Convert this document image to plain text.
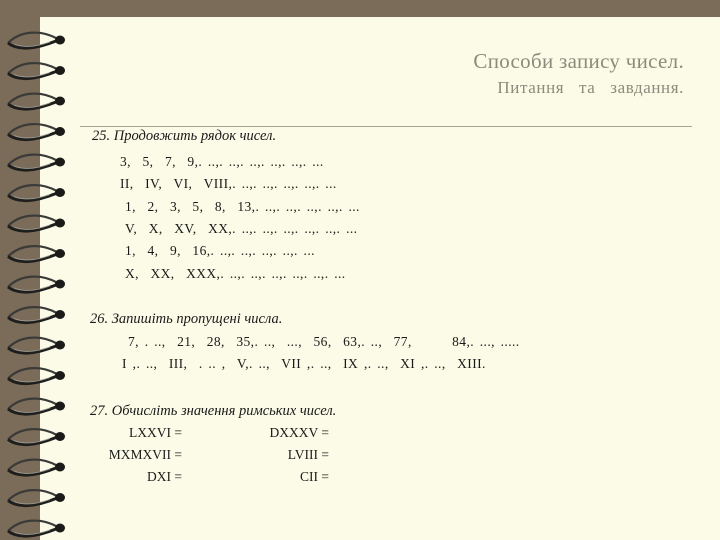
Способи запису чисел.
Питання та завдання.
25. Продовжить рядок чисел.
3,  5,  7,  9,. ..,. ..,. ..,. ..,. ..,. ...
II,  IV,  VI,  VIII,. ..,. ..,. ..,. ..,. ...
1,  2,  3,  5,  8,  13,. ..,. ..,. ..,. ..,. ...
V,  X,  XV,  XX,. ..,. ..,. ..,. ..,. ..,. ...
1,  4,  9,  16,. ..,. ..,. ..,. ..,. ...
X,  XX,  XXX,. ..,. ..,. ..,. ..,. ..,. ...
26. Запишіть пропущені числа.
7, . ..,  21,  28,  35,. ..,  ...,  56,  63,. ..,  77,       84,. ..., .....
I ,. ..,  III,  . .. ,  V,. ..,  VII ,. ..,  IX ,. ..,  XI ,. ..,  XIII.
27. Обчисліть значення римських чисел.
LXXVI =
MXMXVII =
DXI =
DXXXV =
LVIII =
CII =
